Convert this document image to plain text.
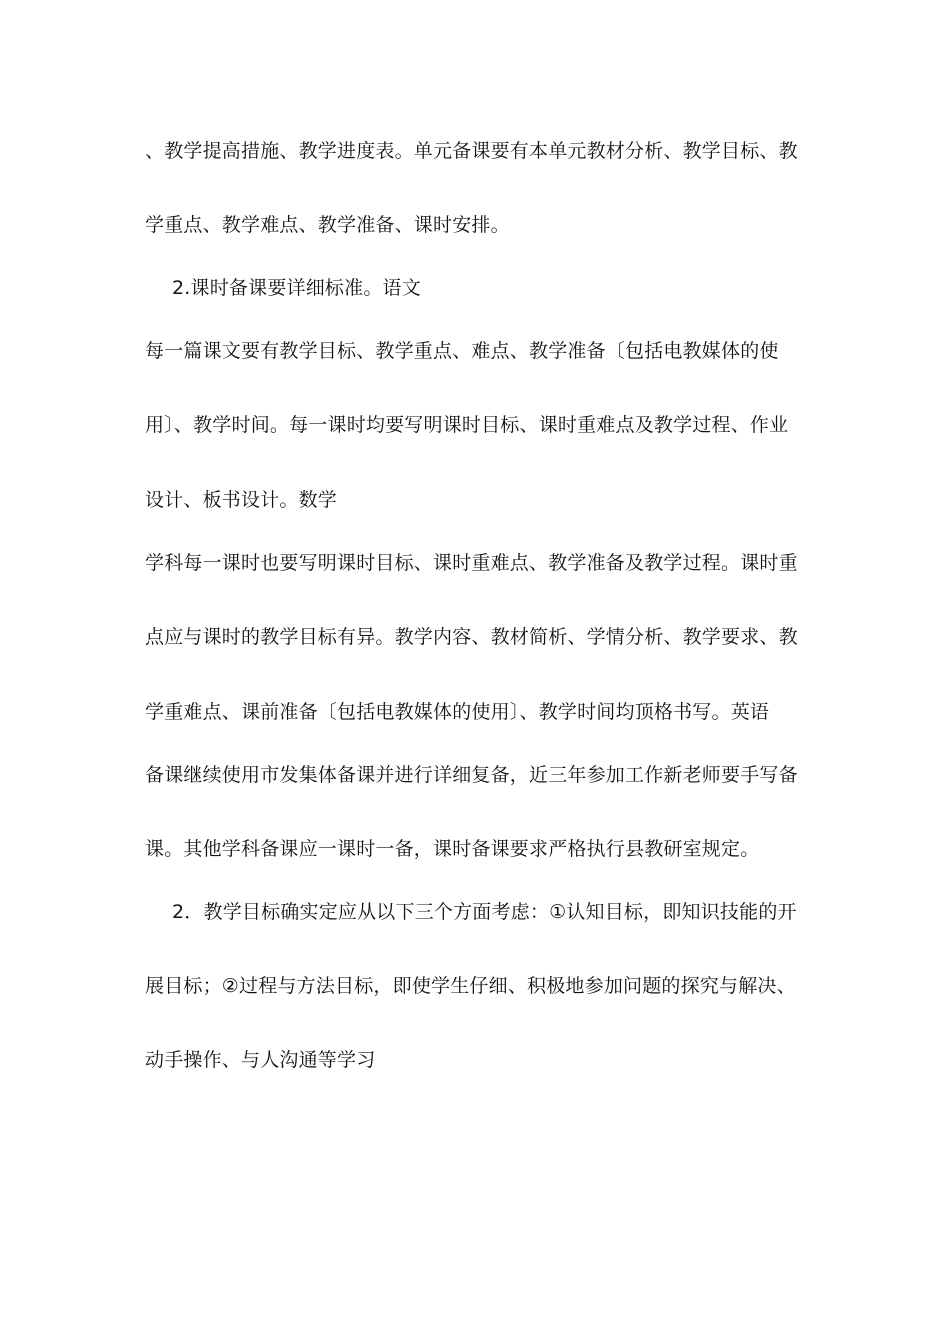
、教学提高措施、教学进度表。单元备课要有本单元教材分析、教学目标、教
学重点、教学难点、教学准备、课时安排。
2.课时备课要详细标准。语文
每一篇课文要有教学目标、教学重点、难点、教学准备〔包括电教媒体的使
用〕、教学时间。每一课时均要写明课时目标、课时重难点及教学过程、作业
设计、板书设计。数学
学科每一课时也要写明课时目标、课时重难点、教学准备及教学过程。课时重
点应与课时的教学目标有异。教学内容、教材简析、学情分析、教学要求、教
学重难点、课前准备〔包括电教媒体的使用〕、教学时间均顶格书写。英语
备课继续使用市发集体备课并进行详细复备，近三年参加工作新老师要手写备
课。其他学科备课应一课时一备，课时备课要求严格执行县教研室规定。
2．教学目标确实定应从以下三个方面考虑：①认知目标，即知识技能的开
展目标；②过程与方法目标，即使学生仔细、积极地参加问题的探究与解决、
动手操作、与人沟通等学习
